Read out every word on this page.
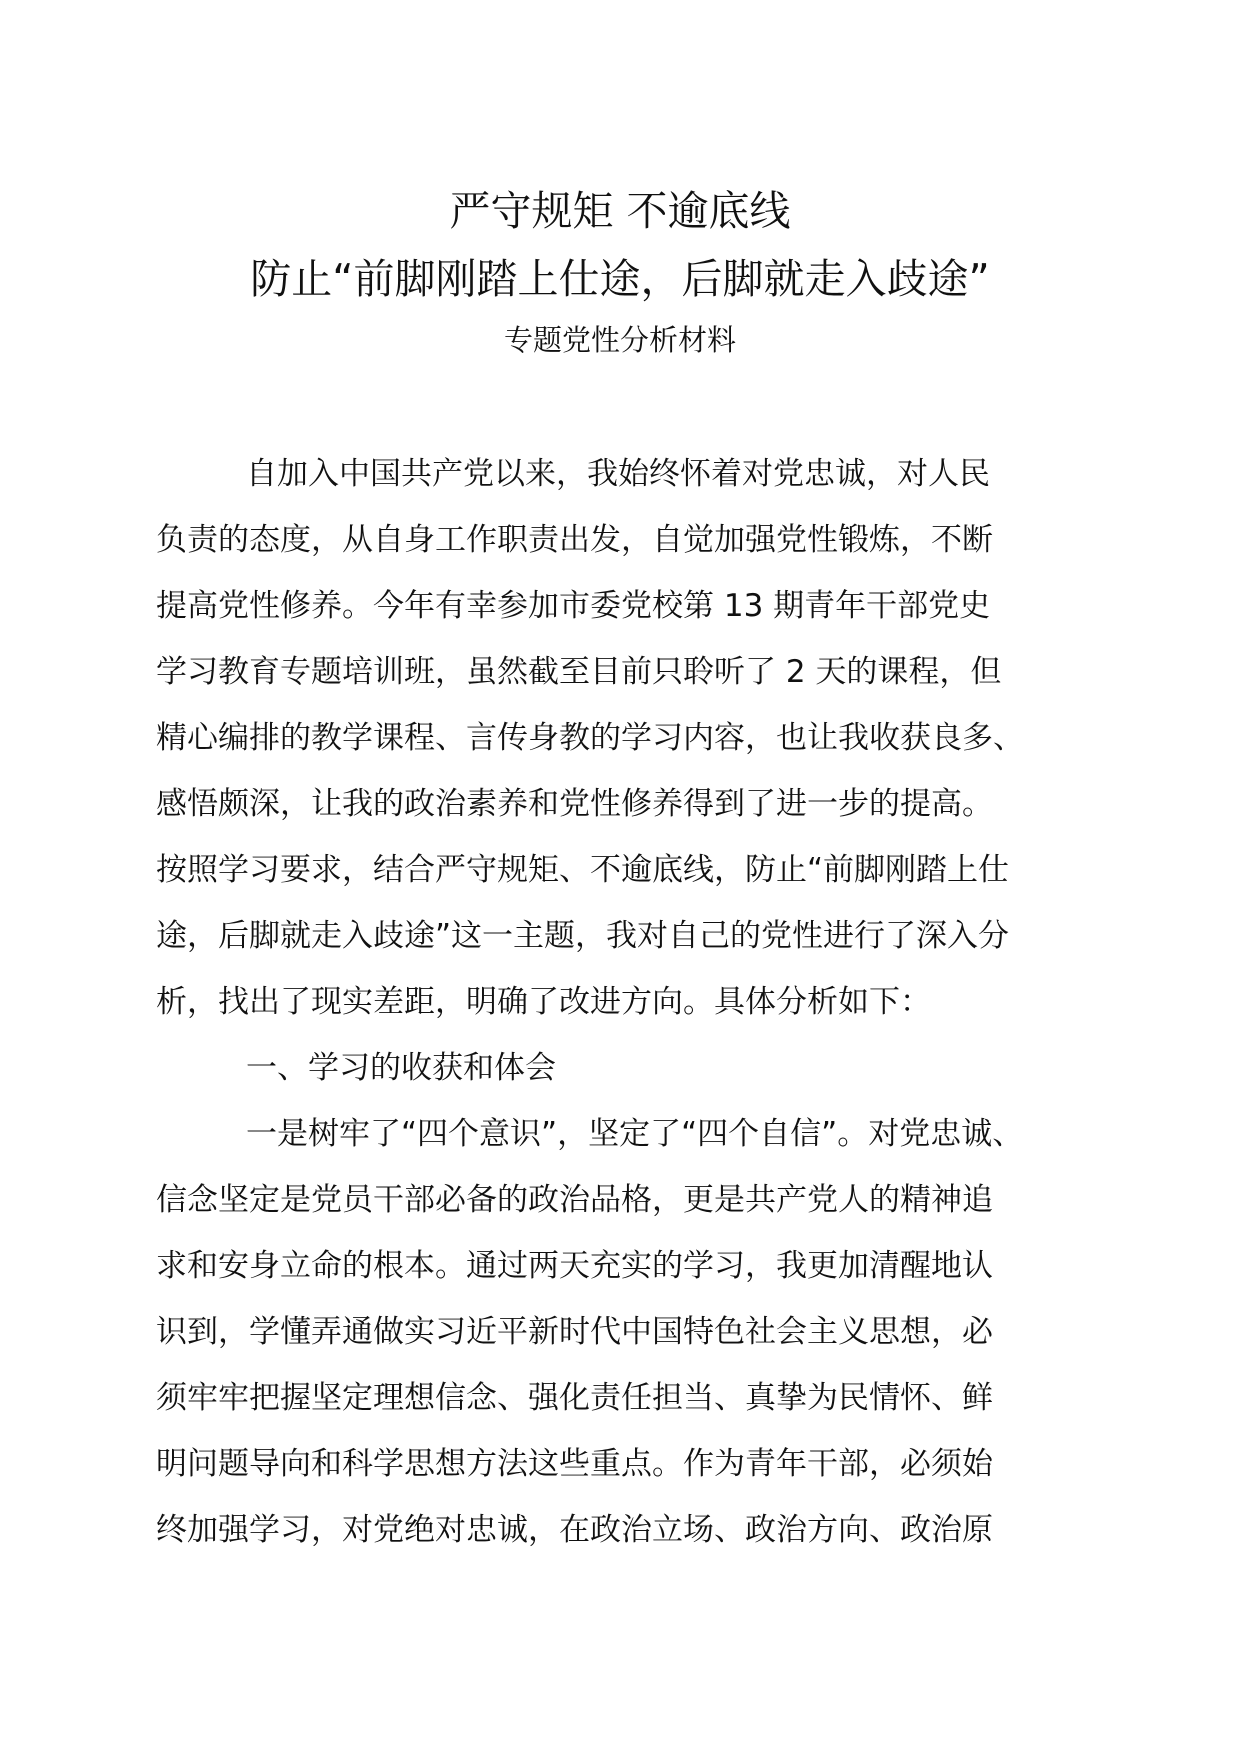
严守规矩 不逾底线
防止“前脚刚踏上仕途，后脚就走入歧途”
专题党性分析材料
自加入中国共产党以来，我始终怀着对党忠诚，对人民
负责的态度，从自身工作职责出发，自觉加强党性锻炼，不断
提高党性修养。今年有幸参加市委党校第 13 期青年干部党史
学习教育专题培训班，虽然截至目前只聆听了 2 天的课程，但
精心编排的教学课程、言传身教的学习内容，也让我收获良多、
感悟颇深，让我的政治素养和党性修养得到了进一步的提高。
按照学习要求，结合严守规矩、不逾底线，防止“前脚刚踏上仕
途，后脚就走入歧途”这一主题，我对自己的党性进行了深入分
析，找出了现实差距，明确了改进方向。具体分析如下：
一、学习的收获和体会
一是树牢了“四个意识”，坚定了“四个自信”。对党忠诚、
信念坚定是党员干部必备的政治品格，更是共产党人的精神追
求和安身立命的根本。通过两天充实的学习，我更加清醒地认
识到，学懂弄通做实习近平新时代中国特色社会主义思想，必
须牢牢把握坚定理想信念、强化责任担当、真挚为民情怀、鲜
明问题导向和科学思想方法这些重点。作为青年干部，必须始
终加强学习，对党绝对忠诚，在政治立场、政治方向、政治原
